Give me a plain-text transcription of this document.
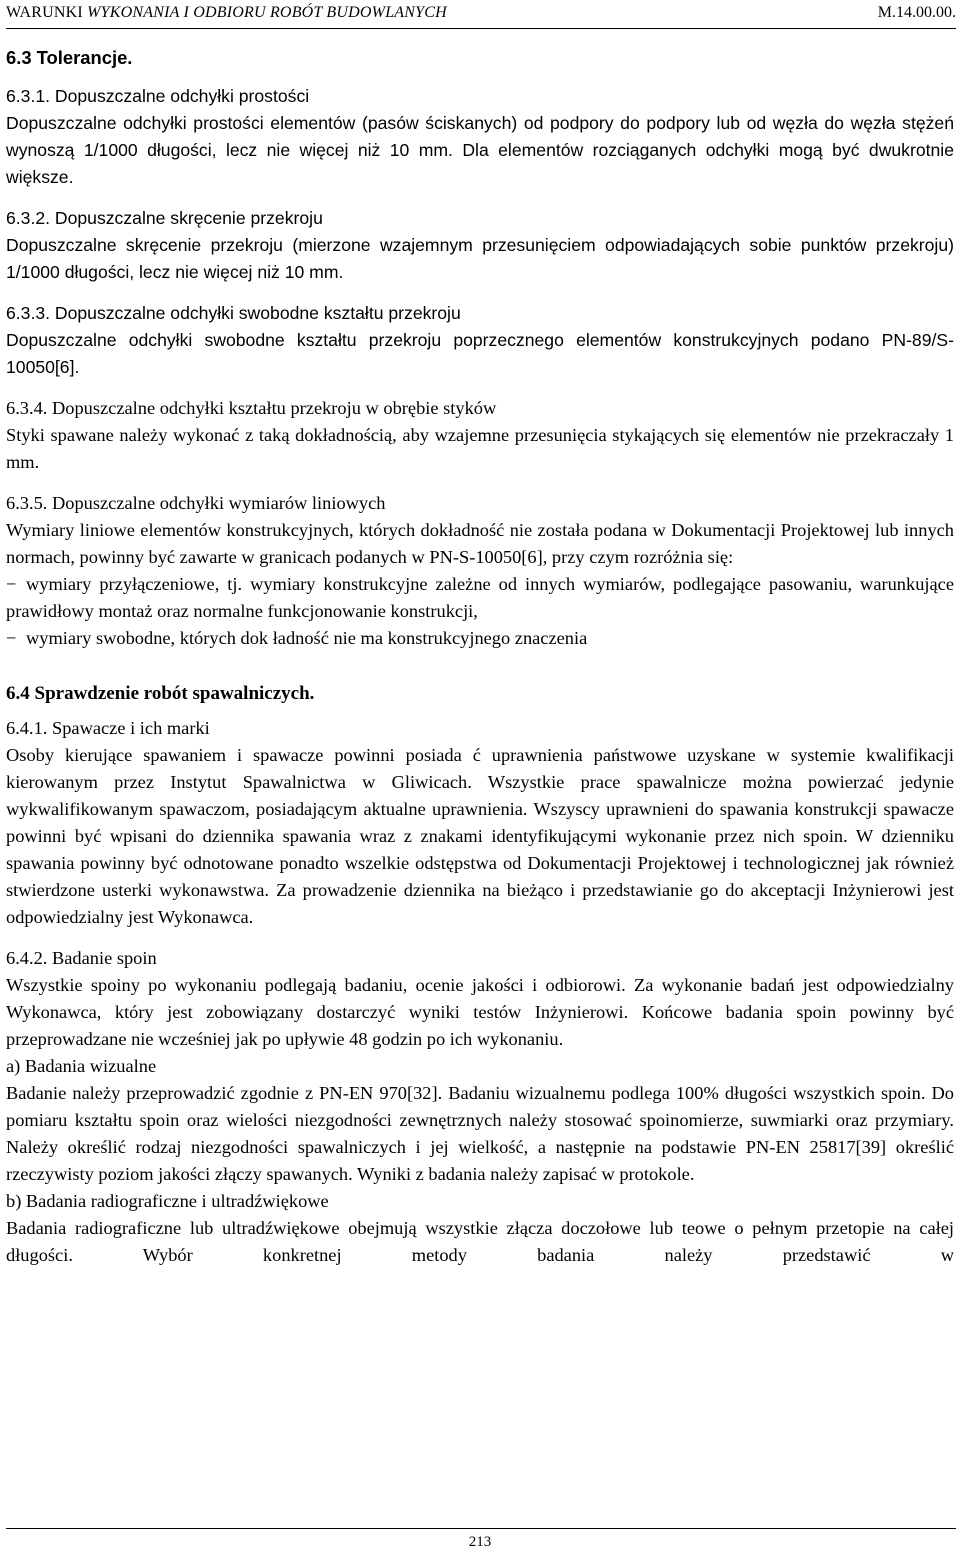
WARUNKI WYKONANIA I ODBIORU ROBÓT BUDOWLANYCH	M.14.00.00.

6.3 Tolerancje.

6.3.1. Dopuszczalne odchyłki prostości

Dopuszczalne odchyłki prostości elementów (pasów ściskanych) od podpory do podpory lub od węzła do węzła stężeń wynoszą 1/1000 długości, lecz nie więcej niż 10 mm. Dla elementów rozciąganych odchyłki mogą być dwukrotnie większe.

6.3.2. Dopuszczalne skręcenie przekroju

Dopuszczalne skręcenie przekroju (mierzone wzajemnym przesunięciem odpowiadających sobie punktów przekroju) 1/1000 długości, lecz nie więcej niż 10 mm.

6.3.3. Dopuszczalne odchyłki swobodne kształtu przekroju

Dopuszczalne odchyłki swobodne kształtu przekroju poprzecznego elementów konstrukcyjnych podano PN-89/S-10050[6].

6.3.4. Dopuszczalne odchyłki kształtu przekroju w obrębie styków

Styki spawane należy wykonać z taką dokładnością, aby wzajemne przesunięcia stykających się elementów nie przekraczały 1 mm.

6.3.5. Dopuszczalne odchyłki wymiarów liniowych

Wymiary liniowe elementów konstrukcyjnych, których dokładność nie została podana w Dokumentacji Projektowej lub innych normach, powinny być zawarte w granicach podanych w PN-S-10050[6], przy czym rozróżnia się:

− wymiary przyłączeniowe, tj. wymiary konstrukcyjne zależne od innych wymiarów, podlegające pasowaniu, warunkujące prawidłowy montaż oraz normalne funkcjonowanie konstrukcji,

− wymiary swobodne, których dok ładność nie ma konstrukcyjnego znaczenia

6.4 Sprawdzenie robót spawalniczych.

6.4.1. Spawacze i ich marki

Osoby kierujące spawaniem i spawacze powinni posiada ć uprawnienia państwowe uzyskane w systemie kwalifikacji kierowanym przez Instytut Spawalnictwa w Gliwicach. Wszystkie prace spawalnicze można powierzać jedynie wykwalifikowanym spawaczom, posiadającym aktualne uprawnienia. Wszyscy uprawnieni do spawania konstrukcji spawacze powinni być wpisani do dziennika spawania wraz z znakami identyfikującymi wykonanie przez nich spoin. W dzienniku spawania powinny być odnotowane ponadto wszelkie odstępstwa od Dokumentacji Projektowej i technologicznej jak również stwierdzone usterki wykonawstwa. Za prowadzenie dziennika na bieżąco i przedstawianie go do akceptacji Inżynierowi jest odpowiedzialny jest Wykonawca.

6.4.2. Badanie spoin

Wszystkie spoiny po wykonaniu podlegają badaniu, ocenie jakości i odbiorowi. Za wykonanie badań jest odpowiedzialny Wykonawca, który jest zobowiązany dostarczyć wyniki testów Inżynierowi. Końcowe badania spoin powinny być przeprowadzane nie wcześniej jak po upływie 48 godzin po ich wykonaniu.

a) Badania wizualne

Badanie należy przeprowadzić zgodnie z PN-EN 970[32]. Badaniu wizualnemu podlega 100% długości wszystkich spoin. Do pomiaru kształtu spoin oraz wielości niezgodności zewnętrznych należy stosować spoinomierze, suwmiarki oraz przymiary. Należy określić rodzaj niezgodności spawalniczych i jej wielkość, a następnie na podstawie PN-EN 25817[39] określić rzeczywisty poziom jakości złączy spawanych. Wyniki z badania należy zapisać w protokole.

b) Badania radiograficzne i ultradźwiękowe

Badania radiograficzne lub ultradźwiękowe obejmują wszystkie złącza doczołowe lub teowe o pełnym przetopie na całej długości. Wybór konkretnej metody badania należy przedstawić w

213
